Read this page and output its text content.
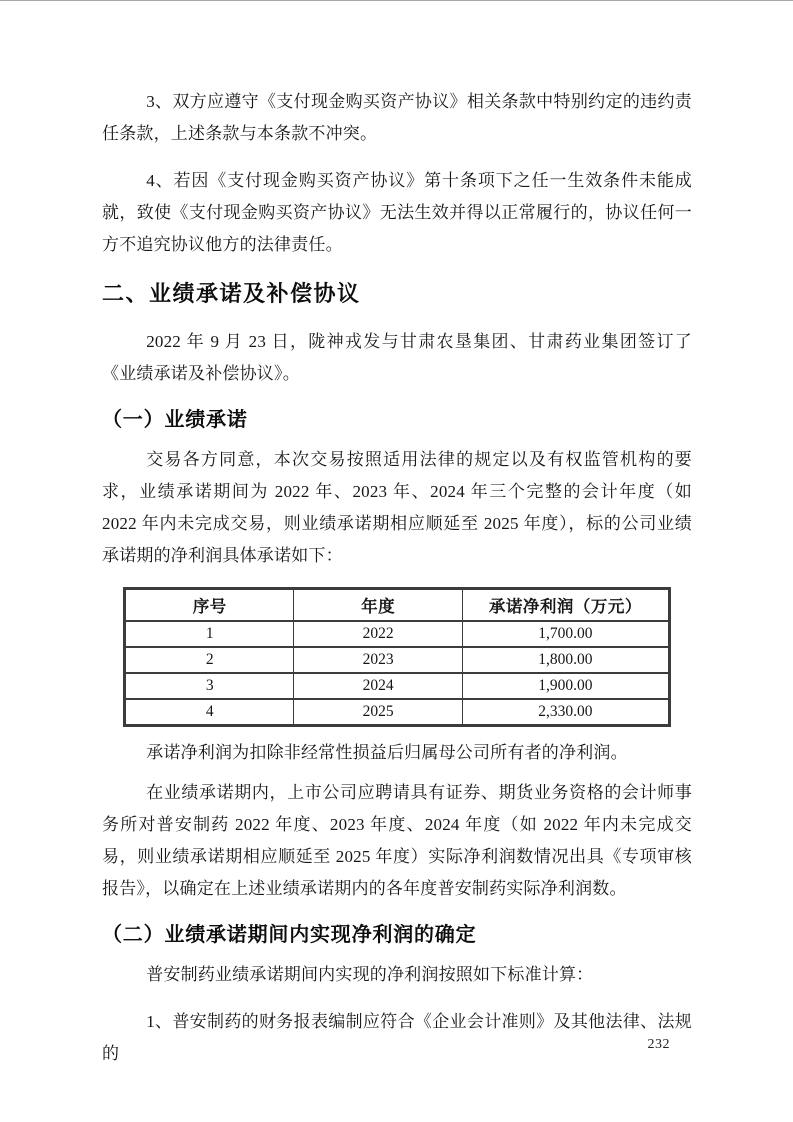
3、双方应遵守《支付现金购买资产协议》相关条款中特别约定的违约责任条款，上述条款与本条款不冲突。

4、若因《支付现金购买资产协议》第十条项下之任一生效条件未能成就，致使《支付现金购买资产协议》无法生效并得以正常履行的，协议任何一方不追究协议他方的法律责任。

二、业绩承诺及补偿协议

2022 年 9 月 23 日，陇神戎发与甘肃农垦集团、甘肃药业集团签订了《业绩承诺及补偿协议》。

（一）业绩承诺

交易各方同意，本次交易按照适用法律的规定以及有权监管机构的要求，业绩承诺期间为 2022 年、2023 年、2024 年三个完整的会计年度（如 2022 年内未完成交易，则业绩承诺期相应顺延至 2025 年度），标的公司业绩承诺期的净利润具体承诺如下：

序号	年度	承诺净利润（万元）
1	2022	1,700.00
2	2023	1,800.00
3	2024	1,900.00
4	2025	2,330.00

承诺净利润为扣除非经常性损益后归属母公司所有者的净利润。

在业绩承诺期内，上市公司应聘请具有证券、期货业务资格的会计师事务所对普安制药 2022 年度、2023 年度、2024 年度（如 2022 年内未完成交易，则业绩承诺期相应顺延至 2025 年度）实际净利润数情况出具《专项审核报告》，以确定在上述业绩承诺期内的各年度普安制药实际净利润数。

（二）业绩承诺期间内实现净利润的确定

普安制药业绩承诺期间内实现的净利润按照如下标准计算：

1、普安制药的财务报表编制应符合《企业会计准则》及其他法律、法规的	232
